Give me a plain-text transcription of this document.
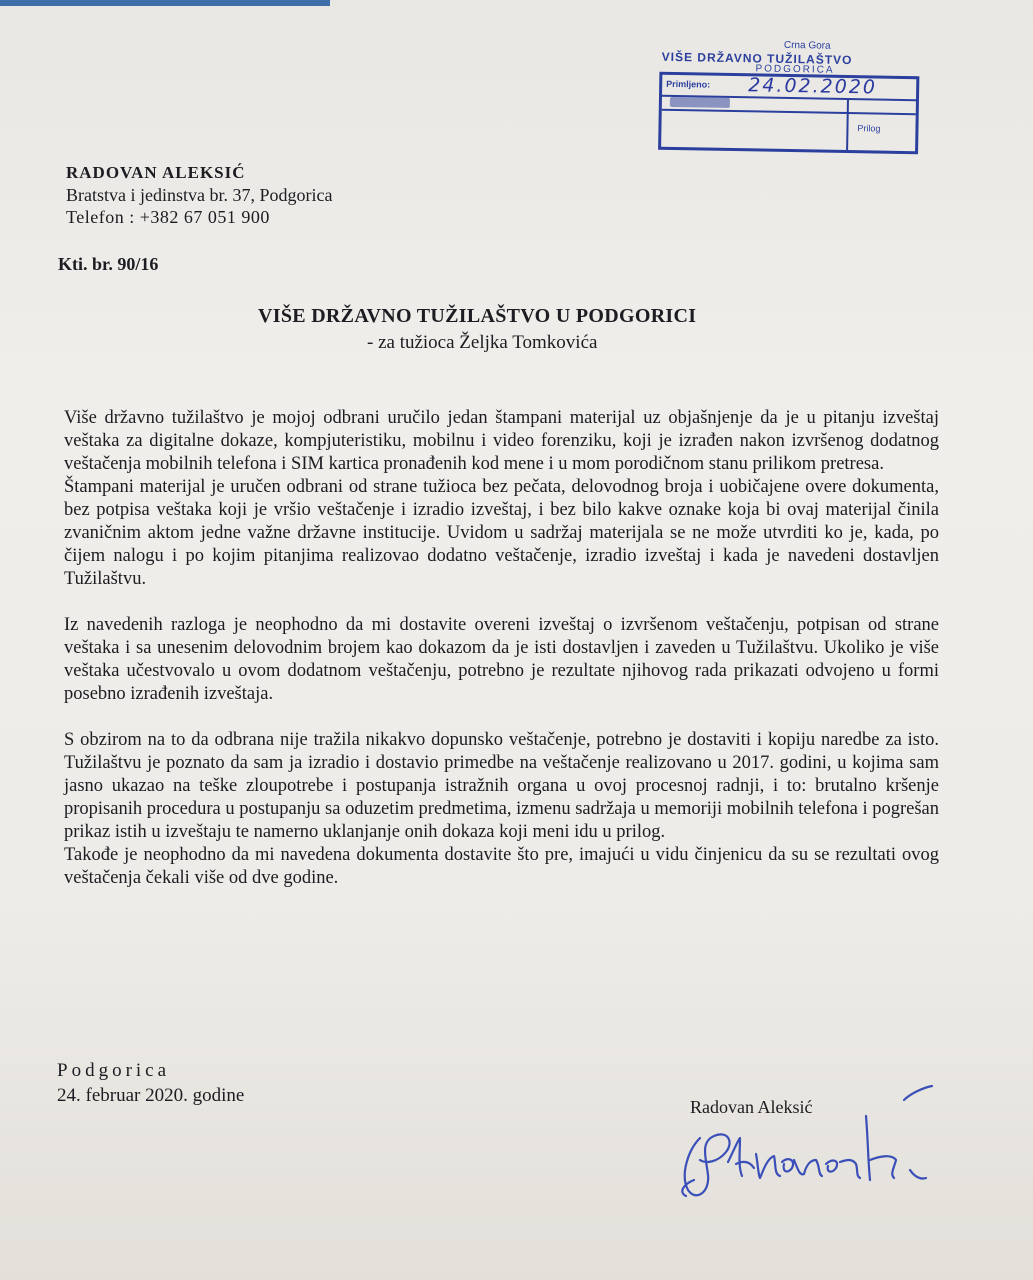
Crna Gora
VIŠE DRŽAVNO TUŽILAŠTVO
PODGORICA
Primljeno: 24.02.2020
Prilog
RADOVAN ALEKSIĆ
Bratstva i jedinstva br. 37, Podgorica
Telefon : +382 67 051 900
Kti. br. 90/16
VIŠE DRŽAVNO TUŽILAŠTVO U PODGORICI
- za tužioca Željka Tomkovića

Više državno tužilaštvo je mojoj odbrani uručilo jedan štampani materijal uz objašnjenje da je u pitanju izveštaj veštaka za digitalne dokaze, kompjuteristiku, mobilnu i video forenziku, koji je izrađen nakon izvršenog dodatnog veštačenja mobilnih telefona i SIM kartica pronađenih kod mene i u mom porodičnom stanu prilikom pretresa.

Štampani materijal je uručen odbrani od strane tužioca bez pečata, delovodnog broja i uobičajene overe dokumenta, bez potpisa veštaka koji je vršio veštačenje i izradio izveštaj, i bez bilo kakve oznake koja bi ovaj materijal činila zvaničnim aktom jedne važne državne institucije. Uvidom u sadržaj materijala se ne može utvrditi ko je, kada, po čijem nalogu i po kojim pitanjima realizovao dodatno veštačenje, izradio izveštaj i kada je navedeni dostavljen Tužilaštvu.

Iz navedenih razloga je neophodno da mi dostavite overeni izveštaj o izvršenom veštačenju, potpisan od strane veštaka i sa unesenim delovodnim brojem kao dokazom da je isti dostavljen i zaveden u Tužilaštvu. Ukoliko je više veštaka učestvovalo u ovom dodatnom veštačenju, potrebno je rezultate njihovog rada prikazati odvojeno u formi posebno izrađenih izveštaja.

S obzirom na to da odbrana nije tražila nikakvo dopunsko veštačenje, potrebno je dostaviti i kopiju naredbe za isto. Tužilaštvu je poznato da sam ja izradio i dostavio primedbe na veštačenje realizovano u 2017. godini, u kojima sam jasno ukazao na teške zloupotrebe i postupanja istražnih organa u ovoj procesnoj radnji, i to: brutalno kršenje propisanih procedura u postupanju sa oduzetim predmetima, izmenu sadržaja u memoriji mobilnih telefona i pogrešan prikaz istih u izveštaju te namerno uklanjanje onih dokaza koji meni idu u prilog.

Takođe je neophodno da mi navedena dokumenta dostavite što pre, imajući u vidu činjenicu da su se rezultati ovog veštačenja čekali više od dve godine.

Podgorica
24. februar 2020. godine
Radovan Aleksić
